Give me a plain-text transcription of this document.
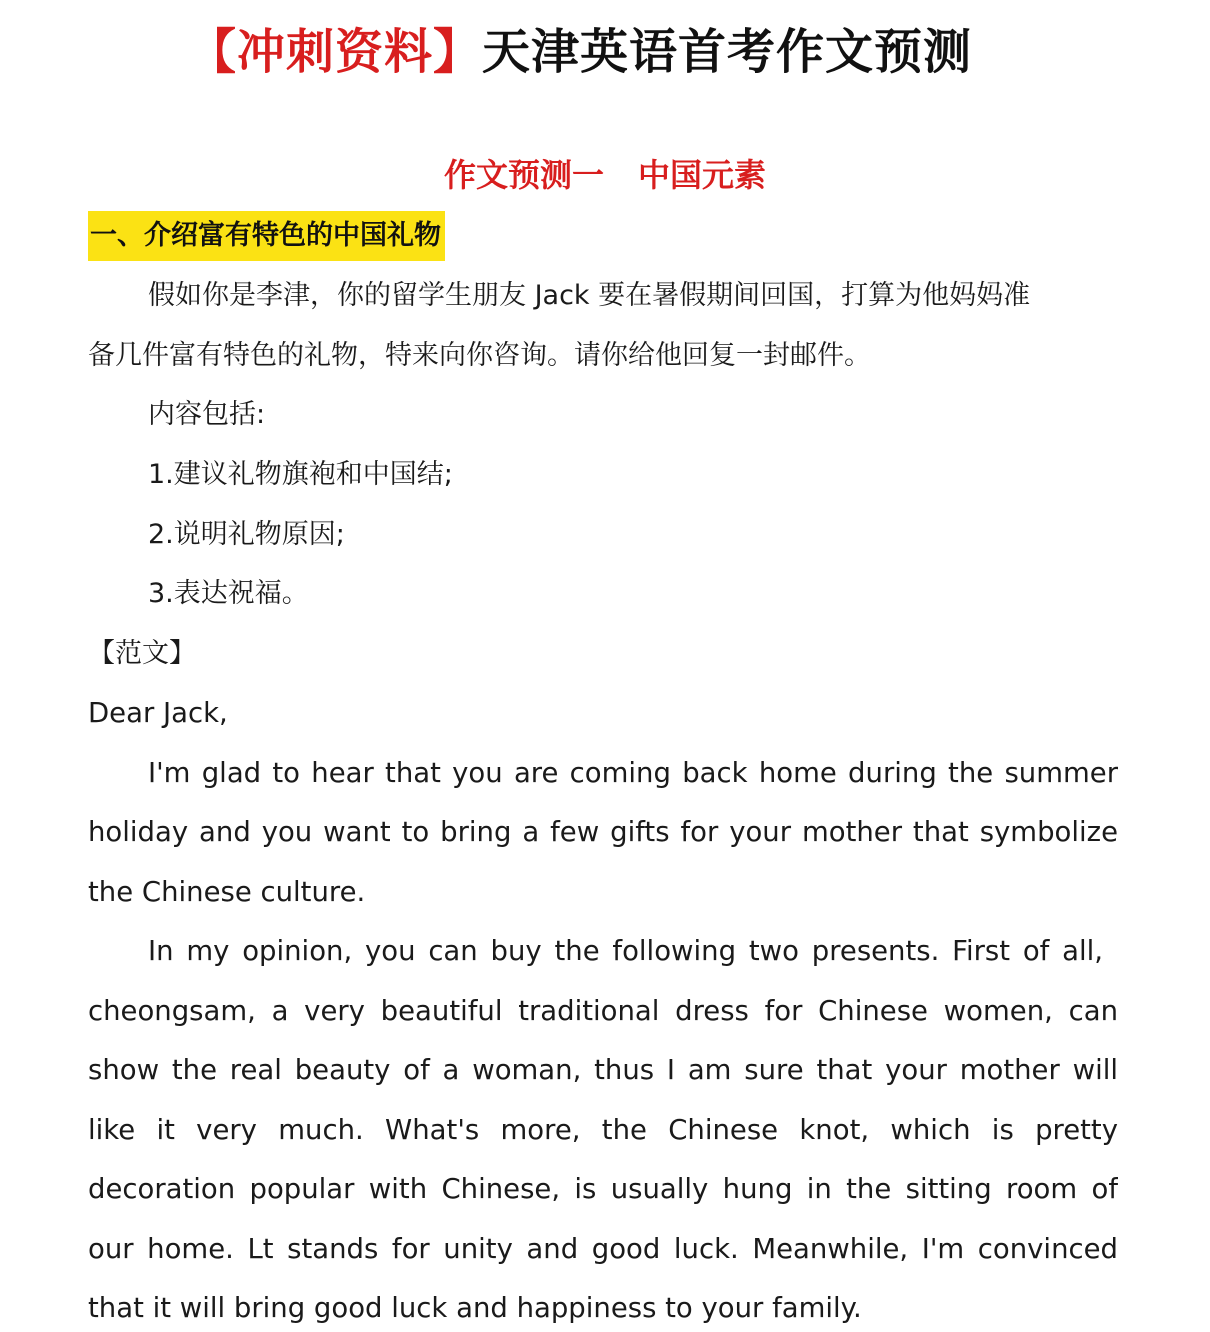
【冲刺资料】天津英语首考作文预测
作文预测一 中国元素
一、介绍富有特色的中国礼物
假如你是李津，你的留学生朋友 Jack 要在暑假期间回国，打算为他妈妈准
备几件富有特色的礼物，特来向你咨询。请你给他回复一封邮件。
内容包括:
1.建议礼物旗袍和中国结;
2.说明礼物原因;
3.表达祝福。
【范文】
Dear Jack,
I'm glad to hear that you are coming back home during the summer
holiday and you want to bring a few gifts for your mother that symbolize
the Chinese culture.
In my opinion, you can buy the following two presents. First of all,
cheongsam, a very beautiful traditional dress for Chinese women, can
show the real beauty of a woman, thus I am sure that your mother will
like it very much. What's more, the Chinese knot, which is pretty
decoration popular with Chinese, is usually hung in the sitting room of
our home. Lt stands for unity and good luck. Meanwhile, I'm convinced
that it will bring good luck and happiness to your family.
